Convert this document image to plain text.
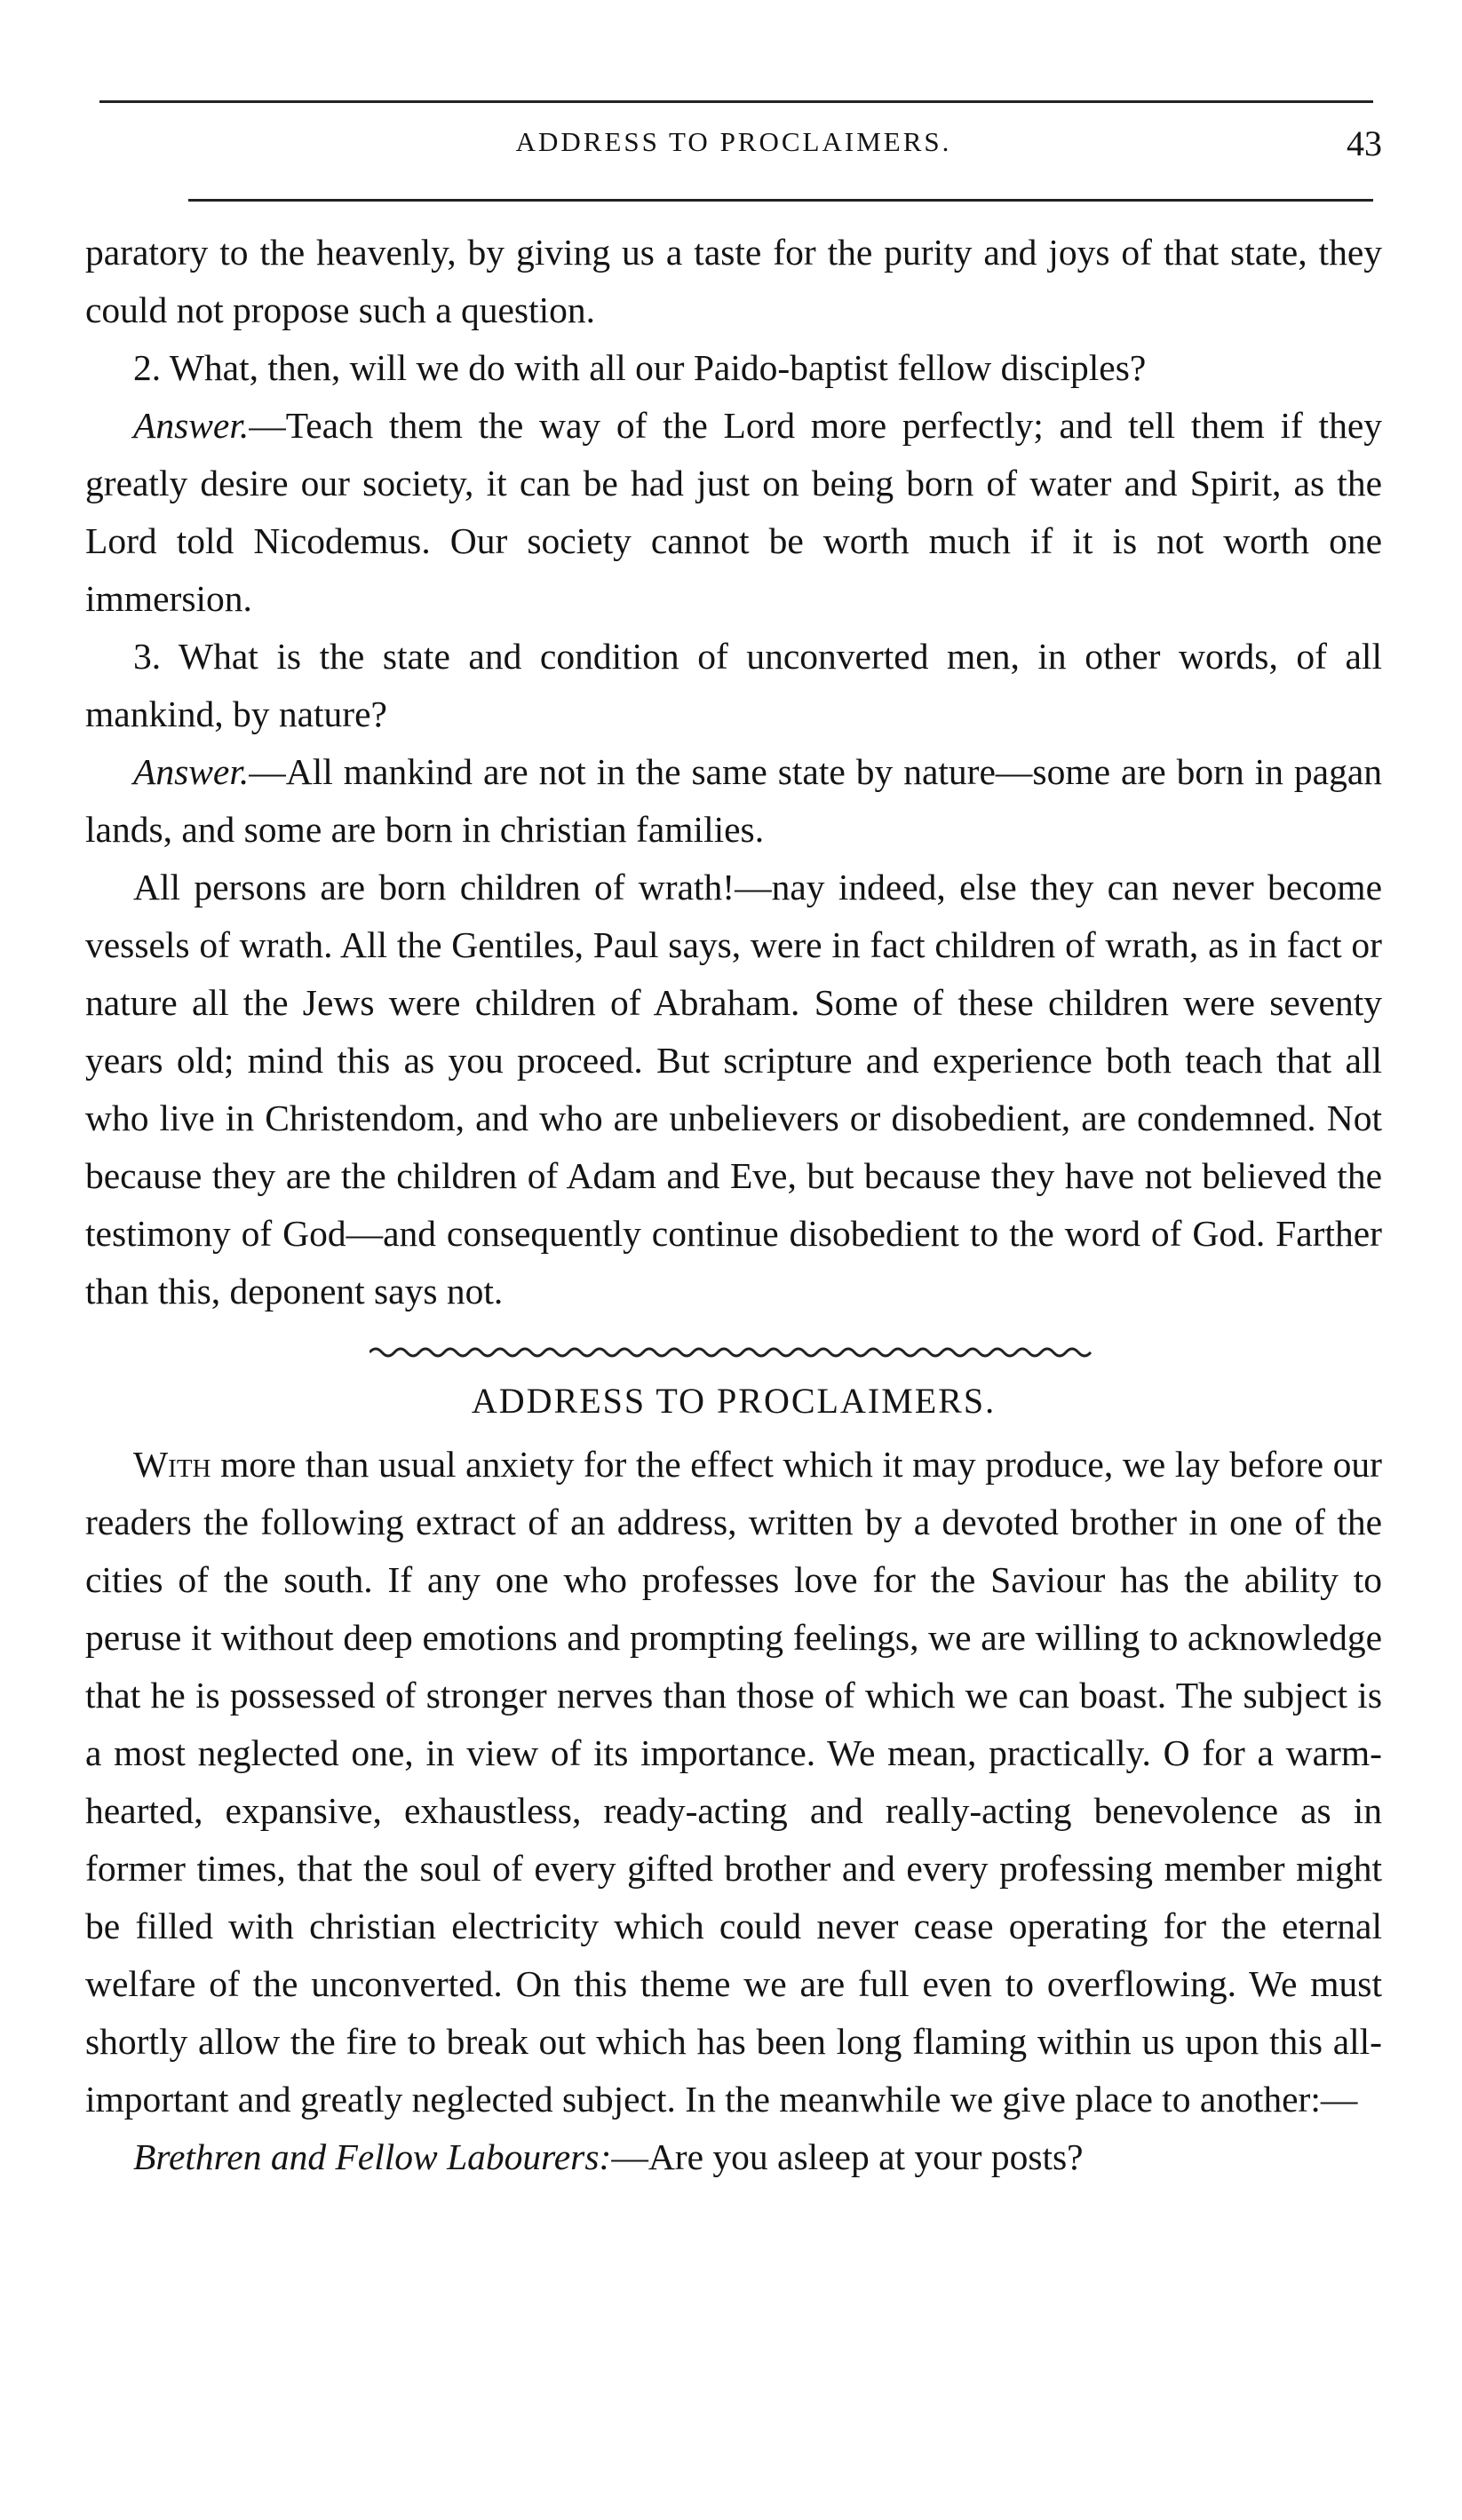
ADDRESS TO PROCLAIMERS.	43

paratory to the heavenly, by giving us a taste for the purity and joys of that state, they could not propose such a question.

2. What, then, will we do with all our Paido-baptist fellow disciples?

Answer.—Teach them the way of the Lord more perfectly; and tell them if they greatly desire our society, it can be had just on being born of water and Spirit, as the Lord told Nicodemus. Our society cannot be worth much if it is not worth one immersion.

3. What is the state and condition of unconverted men, in other words, of all mankind, by nature?

Answer.—All mankind are not in the same state by nature—some are born in pagan lands, and some are born in christian families.

All persons are born children of wrath!—nay indeed, else they can never become vessels of wrath. All the Gentiles, Paul says, were in fact children of wrath, as in fact or nature all the Jews were children of Abraham. Some of these children were seventy years old; mind this as you proceed. But scripture and experience both teach that all who live in Christendom, and who are unbelievers or disobedient, are condemned. Not because they are the children of Adam and Eve, but because they have not believed the testimony of God—and consequently continue disobedient to the word of God. Farther than this, deponent says not.

ADDRESS TO PROCLAIMERS.

With more than usual anxiety for the effect which it may produce, we lay before our readers the following extract of an address, written by a devoted brother in one of the cities of the south. If any one who professes love for the Saviour has the ability to peruse it without deep emotions and prompting feelings, we are willing to acknowledge that he is possessed of stronger nerves than those of which we can boast. The subject is a most neglected one, in view of its importance. We mean, practically. O for a warm-hearted, expansive, exhaustless, ready-acting and really-acting benevolence as in former times, that the soul of every gifted brother and every professing member might be filled with christian electricity which could never cease operating for the eternal welfare of the unconverted. On this theme we are full even to overflowing. We must shortly allow the fire to break out which has been long flaming within us upon this all-important and greatly neglected subject. In the meanwhile we give place to another:—

Brethren and Fellow Labourers:—Are you asleep at your posts?
